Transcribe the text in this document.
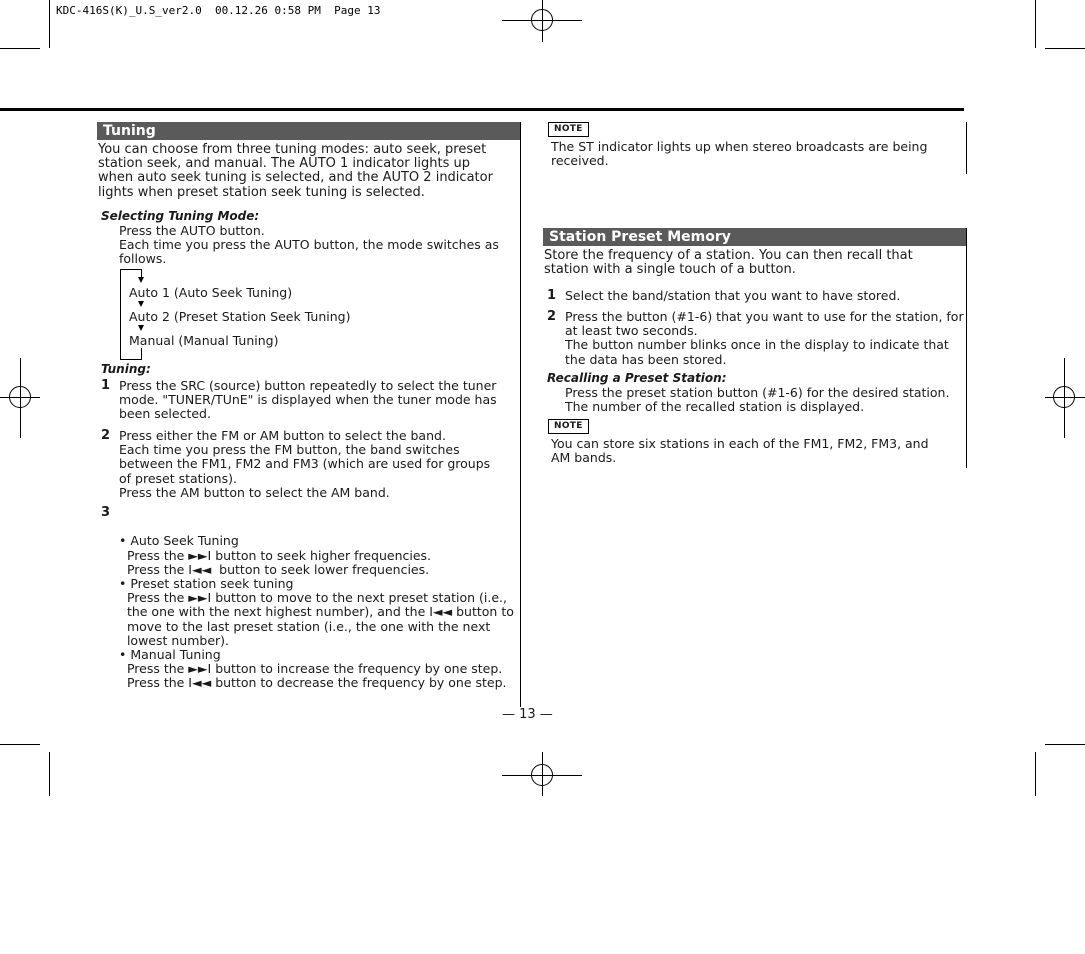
KDC-416S(K)_U.S_ver2.0  00.12.26 0:58 PM  Page 13
Tuning
You can choose from three tuning modes: auto seek, preset
station seek, and manual. The AUTO 1 indicator lights up
when auto seek tuning is selected, and the AUTO 2 indicator
lights when preset station seek tuning is selected.
Selecting Tuning Mode:
Press the AUTO button.
Each time you press the AUTO button, the mode switches as
follows.
Auto 1 (Auto Seek Tuning)
Auto 2 (Preset Station Seek Tuning)
Manual (Manual Tuning)
Tuning:
1 Press the SRC (source) button repeatedly to select the tuner
mode. "TUNER/TUnE" is displayed when the tuner mode has
been selected.
2 Press either the FM or AM button to select the band.
Each time you press the FM button, the band switches
between the FM1, FM2 and FM3 (which are used for groups
of preset stations).
Press the AM button to select the AM band.
3

• Auto Seek Tuning
Press the ►►I button to seek higher frequencies.
Press the I◄◄  button to seek lower frequencies.
• Preset station seek tuning
Press the ►►I button to move to the next preset station (i.e.,
the one with the next highest number), and the I◄◄ button to
move to the last preset station (i.e., the one with the next
lowest number).
• Manual Tuning
Press the ►►I button to increase the frequency by one step.
Press the I◄◄ button to decrease the frequency by one step.

— 13 —
NOTE
The ST indicator lights up when stereo broadcasts are being
received.
Station Preset Memory
Store the frequency of a station. You can then recall that
station with a single touch of a button.
1 Select the band/station that you want to have stored.
2 Press the button (#1-6) that you want to use for the station, for
at least two seconds.
The button number blinks once in the display to indicate that
the data has been stored.
Recalling a Preset Station:
Press the preset station button (#1-6) for the desired station.
The number of the recalled station is displayed.
NOTE
You can store six stations in each of the FM1, FM2, FM3, and
AM bands.
